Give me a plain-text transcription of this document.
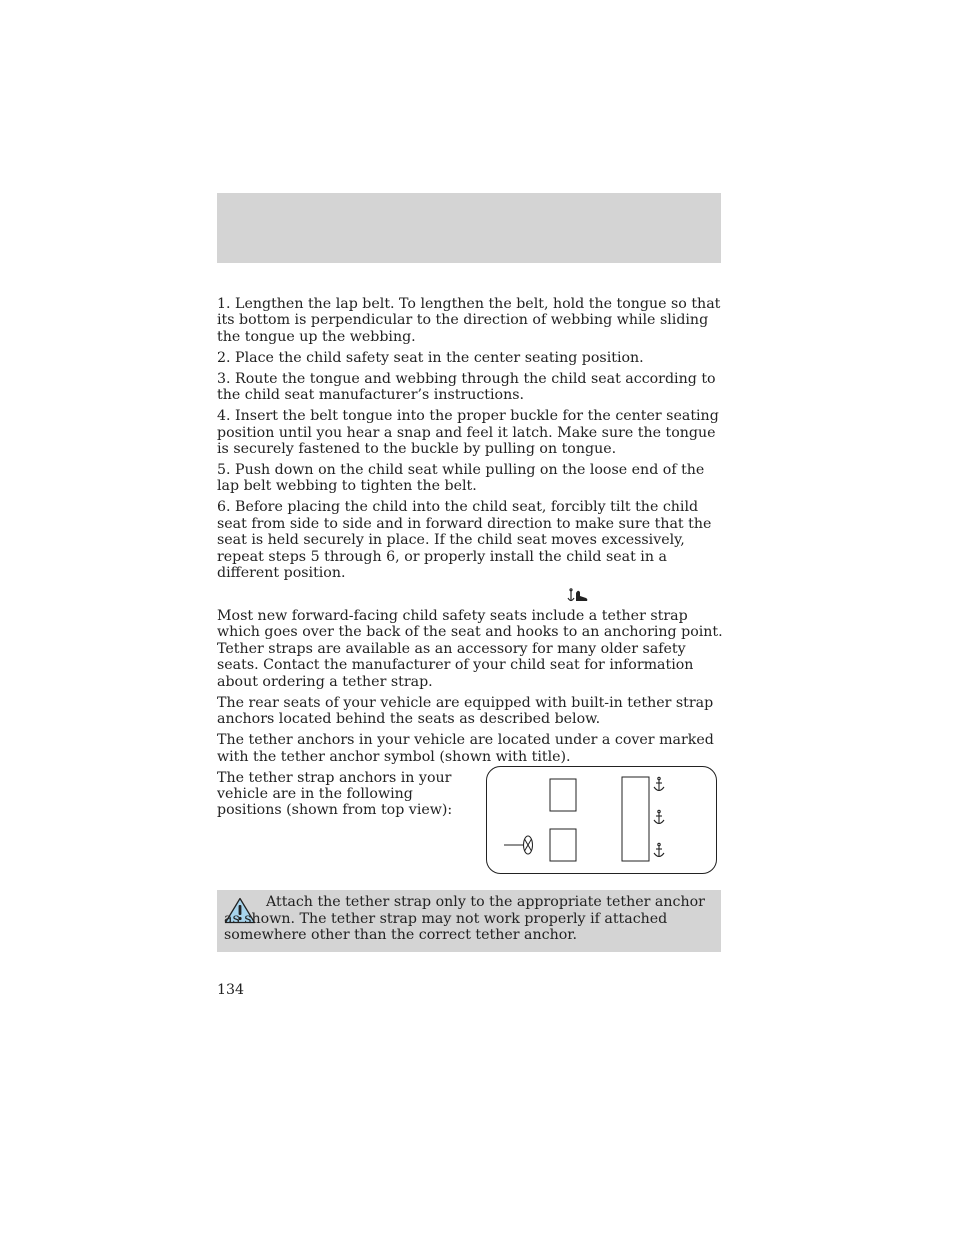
1. Lengthen the lap belt. To lengthen the belt, hold the tongue so that its bottom is perpendicular to the direction of webbing while sliding the tongue up the webbing.

2. Place the child safety seat in the center seating position.

3. Route the tongue and webbing through the child seat according to the child seat manufacturer’s instructions.

4. Insert the belt tongue into the proper buckle for the center seating position until you hear a snap and feel it latch. Make sure the tongue is securely fastened to the buckle by pulling on tongue.

5. Push down on the child seat while pulling on the loose end of the lap belt webbing to tighten the belt.

6. Before placing the child into the child seat, forcibly tilt the child seat from side to side and in forward direction to make sure that the seat is held securely in place. If the child seat moves excessively, repeat steps 5 through 6, or properly install the child seat in a different position.

Most new forward-facing child safety seats include a tether strap which goes over the back of the seat and hooks to an anchoring point. Tether straps are available as an accessory for many older safety seats. Contact the manufacturer of your child seat for information about ordering a tether strap.

The rear seats of your vehicle are equipped with built-in tether strap anchors located behind the seats as described below.

The tether anchors in your vehicle are located under a cover marked with the tether anchor symbol (shown with title).

The tether strap anchors in your vehicle are in the following positions (shown from top view):
Attach the tether strap only to the appropriate tether anchor as shown. The tether strap may not work properly if attached somewhere other than the correct tether anchor.
134
